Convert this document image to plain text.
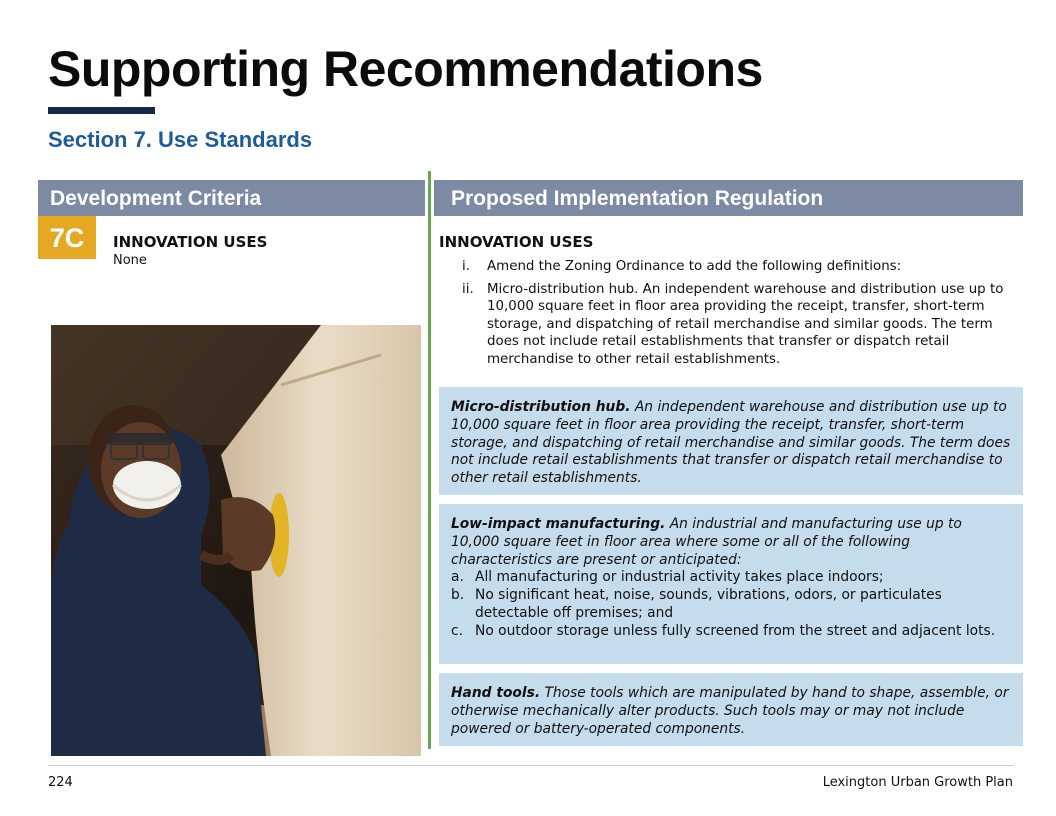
Supporting Recommendations
Section 7. Use Standards
Development Criteria	Proposed Implementation Regulation
7C	INNOVATION USES
None
INNOVATION USES
i. Amend the Zoning Ordinance to add the following definitions:
ii. Micro-distribution hub. An independent warehouse and distribution use up to 10,000 square feet in floor area providing the receipt, transfer, short-term storage, and dispatching of retail merchandise and similar goods. The term does not include retail establishments that transfer or dispatch retail merchandise to other retail establishments.
Micro-distribution hub. An independent warehouse and distribution use up to 10,000 square feet in floor area providing the receipt, transfer, short-term storage, and dispatching of retail merchandise and similar goods. The term does not include retail establishments that transfer or dispatch retail merchandise to other retail establishments.
Low-impact manufacturing. An industrial and manufacturing use up to 10,000 square feet in floor area where some or all of the following characteristics are present or anticipated:
a. All manufacturing or industrial activity takes place indoors;
b. No significant heat, noise, sounds, vibrations, odors, or particulates detectable off premises; and
c. No outdoor storage unless fully screened from the street and adjacent lots.
Hand tools. Those tools which are manipulated by hand to shape, assemble, or otherwise mechanically alter products. Such tools may or may not include powered or battery-operated components.
224	Lexington Urban Growth Plan
